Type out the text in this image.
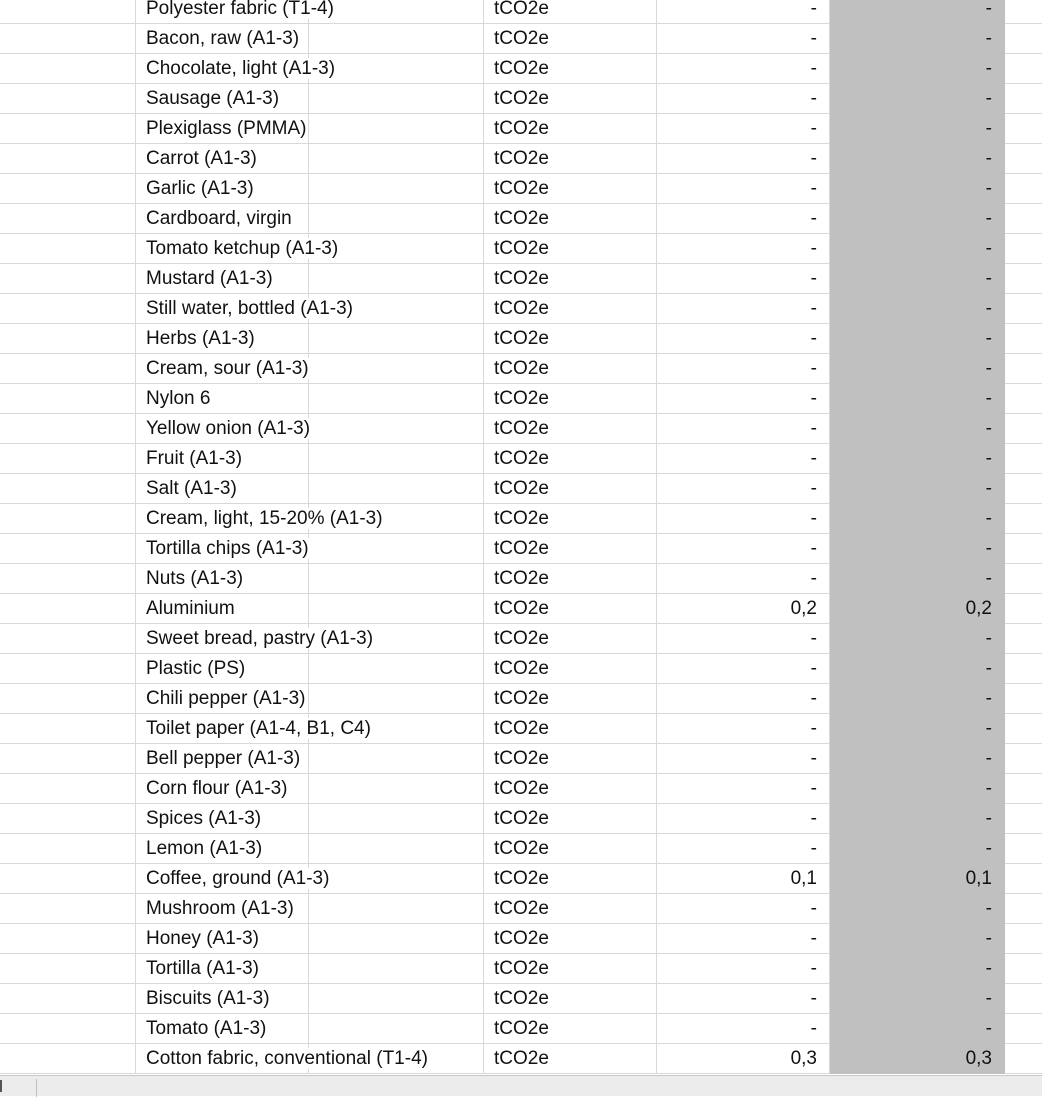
Polyester fabric (T1-4)	tCO2e	-	-
Bacon, raw (A1-3)	tCO2e	-	-
Chocolate, light (A1-3)	tCO2e	-	-
Sausage (A1-3)	tCO2e	-	-
Plexiglass (PMMA)	tCO2e	-	-
Carrot (A1-3)	tCO2e	-	-
Garlic (A1-3)	tCO2e	-	-
Cardboard, virgin	tCO2e	-	-
Tomato ketchup (A1-3)	tCO2e	-	-
Mustard (A1-3)	tCO2e	-	-
Still water, bottled (A1-3)	tCO2e	-	-
Herbs (A1-3)	tCO2e	-	-
Cream, sour (A1-3)	tCO2e	-	-
Nylon 6	tCO2e	-	-
Yellow onion (A1-3)	tCO2e	-	-
Fruit (A1-3)	tCO2e	-	-
Salt (A1-3)	tCO2e	-	-
Cream, light, 15-20% (A1-3)	tCO2e	-	-
Tortilla chips (A1-3)	tCO2e	-	-
Nuts (A1-3)	tCO2e	-	-
Aluminium	tCO2e	0,2	0,2
Sweet bread, pastry (A1-3)	tCO2e	-	-
Plastic (PS)	tCO2e	-	-
Chili pepper (A1-3)	tCO2e	-	-
Toilet paper (A1-4, B1, C4)	tCO2e	-	-
Bell pepper (A1-3)	tCO2e	-	-
Corn flour (A1-3)	tCO2e	-	-
Spices (A1-3)	tCO2e	-	-
Lemon (A1-3)	tCO2e	-	-
Coffee, ground (A1-3)	tCO2e	0,1	0,1
Mushroom (A1-3)	tCO2e	-	-
Honey (A1-3)	tCO2e	-	-
Tortilla (A1-3)	tCO2e	-	-
Biscuits (A1-3)	tCO2e	-	-
Tomato (A1-3)	tCO2e	-	-
Cotton fabric, conventional (T1-4)	tCO2e	0,3	0,3
